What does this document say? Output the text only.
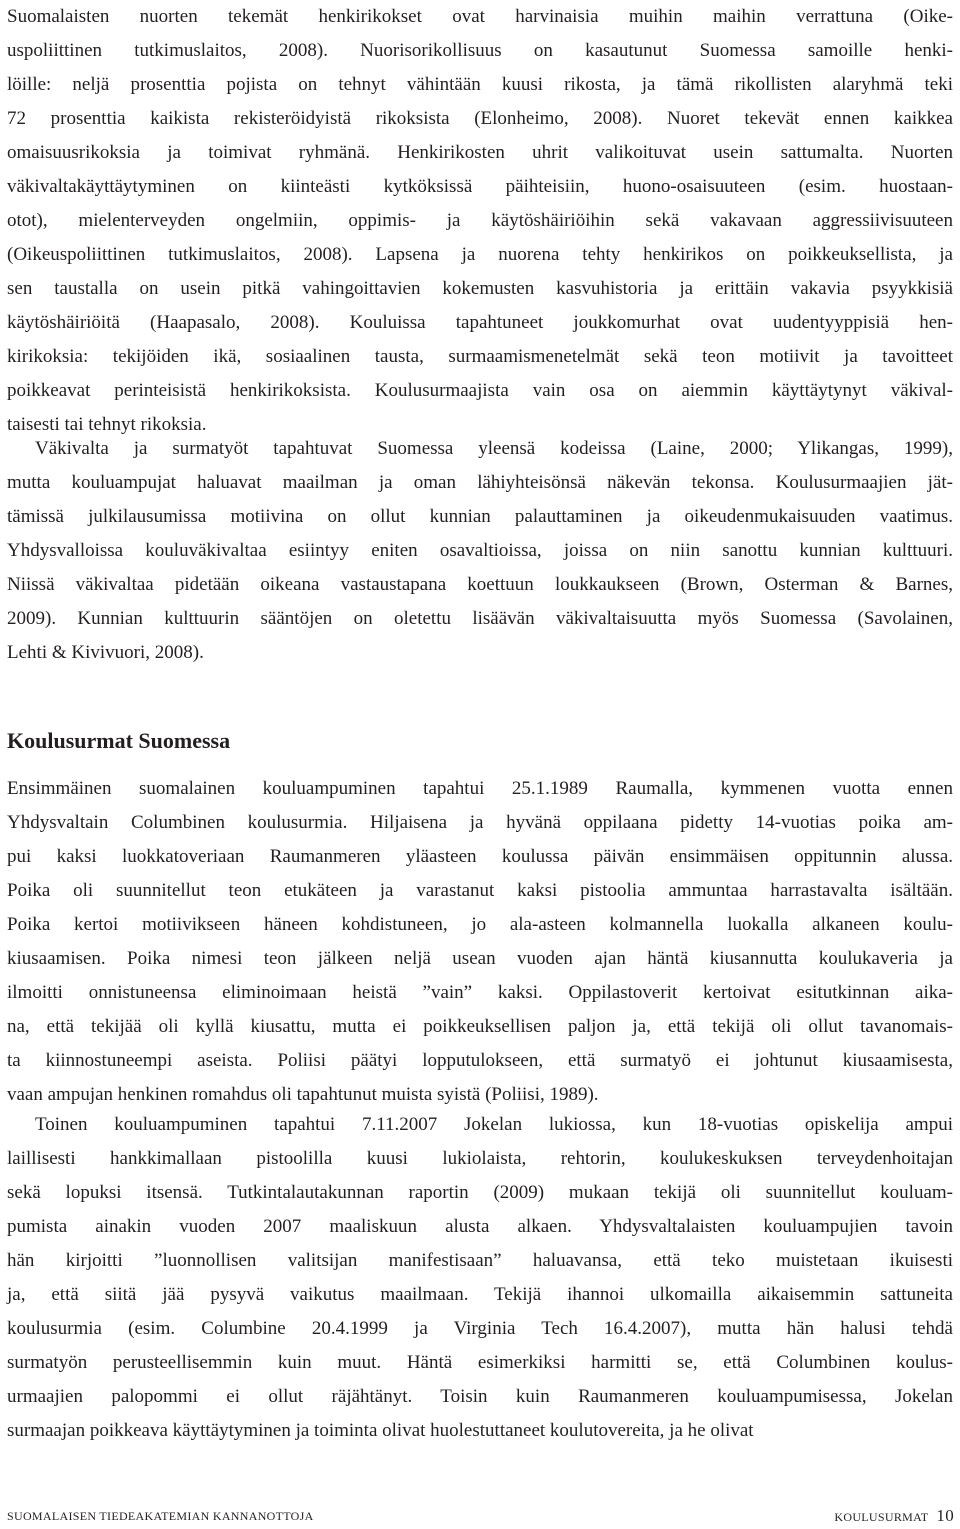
Suomalaisten nuorten tekemät henkirikokset ovat harvinaisia muihin maihin verrattuna (Oike-
uspoliittinen tutkimuslaitos, 2008). Nuorisorikollisuus on kasautunut Suomessa samoille henki-
löille: neljä prosenttia pojista on tehnyt vähintään kuusi rikosta, ja tämä rikollisten alaryhmä teki
72 prosenttia kaikista rekisteröidyistä rikoksista (Elonheimo, 2008). Nuoret tekevät ennen kaikkea
omaisuusrikoksia ja toimivat ryhmänä. Henkirikosten uhrit valikoituvat usein sattumalta. Nuorten
väkivaltakäyttäytyminen on kiinteästi kytköksissä päihteisiin, huono-osaisuuteen (esim. huostaan-
otot), mielenterveyden ongelmiin, oppimis- ja käytöshäiriöihin sekä vakavaan aggressiivisuuteen
(Oikeuspoliittinen tutkimuslaitos, 2008). Lapsena ja nuorena tehty henkirikos on poikkeuksellista, ja
sen taustalla on usein pitkä vahingoittavien kokemusten kasvuhistoria ja erittäin vakavia psyykkisiä
käytöshäiriöitä (Haapasalo, 2008). Kouluissa tapahtuneet joukkomurhat ovat uudentyyppisiä hen-
kirikoksia: tekijöiden ikä, sosiaalinen tausta, surmaamismenetelmät sekä teon motiivit ja tavoitteet
poikkeavat perinteisistä henkirikoksista. Koulusurmaajista vain osa on aiemmin käyttäytynyt väkival-
taisesti tai tehnyt rikoksia.
Väkivalta ja surmatyöt tapahtuvat Suomessa yleensä kodeissa (Laine, 2000; Ylikangas, 1999),
mutta kouluampujat haluavat maailman ja oman lähiyhteisönsä näkevän tekonsa. Koulusurmaajien jät-
tämissä julkilausumissa motiivina on ollut kunnian palauttaminen ja oikeudenmukaisuuden vaatimus.
Yhdysvalloissa kouluväkivaltaa esiintyy eniten osavaltioissa, joissa on niin sanottu kunnian kulttuuri.
Niissä väkivaltaa pidetään oikeana vastaustapana koettuun loukkaukseen (Brown, Osterman & Barnes,
2009). Kunnian kulttuurin sääntöjen on oletettu lisäävän väkivaltaisuutta myös Suomessa (Savolainen,
Lehti & Kivivuori, 2008).
Koulusurmat Suomessa
Ensimmäinen suomalainen kouluampuminen tapahtui 25.1.1989 Raumalla, kymmenen vuotta ennen
Yhdysvaltain Columbinen koulusurmia. Hiljaisena ja hyvänä oppilaana pidetty 14-vuotias poika am-
pui kaksi luokkatoveriaan Raumanmeren yläasteen koulussa päivän ensimmäisen oppitunnin alussa.
Poika oli suunnitellut teon etukäteen ja varastanut kaksi pistoolia ammuntaa harrastavalta isältään.
Poika kertoi motiivikseen häneen kohdistuneen, jo ala-asteen kolmannella luokalla alkaneen koulu-
kiusaamisen. Poika nimesi teon jälkeen neljä usean vuoden ajan häntä kiusannutta koulukaveria ja
ilmoitti onnistuneensa eliminoimaan heistä ”vain” kaksi. Oppilastoverit kertoivat esitutkinnan aika-
na, että tekijää oli kyllä kiusattu, mutta ei poikkeuksellisen paljon ja, että tekijä oli ollut tavanomais-
ta kiinnostuneempi aseista. Poliisi päätyi lopputulokseen, että surmatyö ei johtunut kiusaamisesta,
vaan ampujan henkinen romahdus oli tapahtunut muista syistä (Poliisi, 1989).
Toinen kouluampuminen tapahtui 7.11.2007 Jokelan lukiossa, kun 18-vuotias opiskelija ampui
laillisesti hankkimallaan pistoolilla kuusi lukiolaista, rehtorin, koulukeskuksen terveydenhoitajan
sekä lopuksi itsensä. Tutkintalautakunnan raportin (2009) mukaan tekijä oli suunnitellut kouluam-
pumista ainakin vuoden 2007 maaliskuun alusta alkaen. Yhdysvaltalaisten kouluampujien tavoin
hän kirjoitti ”luonnollisen valitsijan manifestisaan” haluavansa, että teko muistetaan ikuisesti
ja, että siitä jää pysyvä vaikutus maailmaan. Tekijä ihannoi ulkomailla aikaisemmin sattuneita
koulusurmia (esim. Columbine 20.4.1999 ja Virginia Tech 16.4.2007), mutta hän halusi tehdä
surmatyön perusteellisemmin kuin muut. Häntä esimerkiksi harmitti se, että Columbinen koulus-
urmaajien palopommi ei ollut räjähtänyt. Toisin kuin Raumanmeren kouluampumisessa, Jokelan
surmaajan poikkeava käyttäytyminen ja toiminta olivat huolestuttaneet koulutovereita, ja he olivat
SUOMALAISEN TIEDEAKATEMIAN KANNANOTTOJA	KOULUSURMAT 10
